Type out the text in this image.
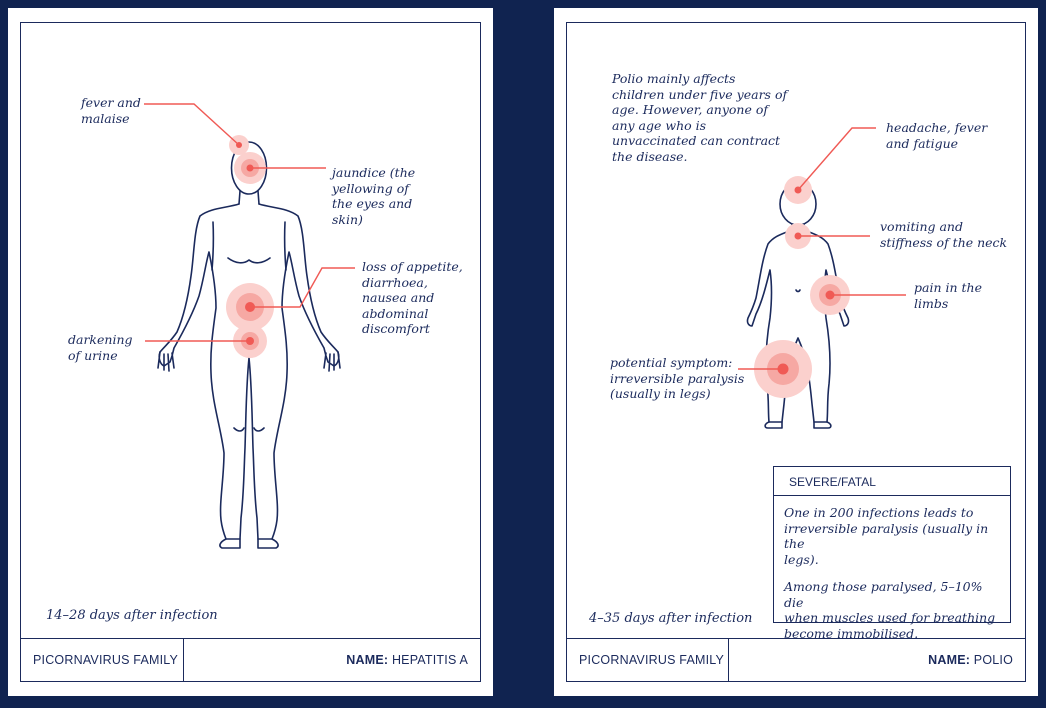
fever and
malaise
jaundice (the
yellowing of
the eyes and
skin)
loss of appetite,
diarrhoea,
nausea and
abdominal
discomfort
darkening
of urine
14–28 days after infection
PICORNAVIRUS FAMILY	NAME: HEPATITIS A
Polio mainly affects
children under five years of
age. However, anyone of
any age who is
unvaccinated can contract
the disease.
headache, fever
and fatigue
vomiting and
stiffness of the neck
pain in the
limbs
potential symptom:
irreversible paralysis
(usually in legs)
SEVERE/FATAL

One in 200 infections leads to
irreversible paralysis (usually in the
legs).

Among those paralysed, 5–10% die
when muscles used for breathing
become immobilised.

4–35 days after infection
PICORNAVIRUS FAMILY	NAME: POLIO
